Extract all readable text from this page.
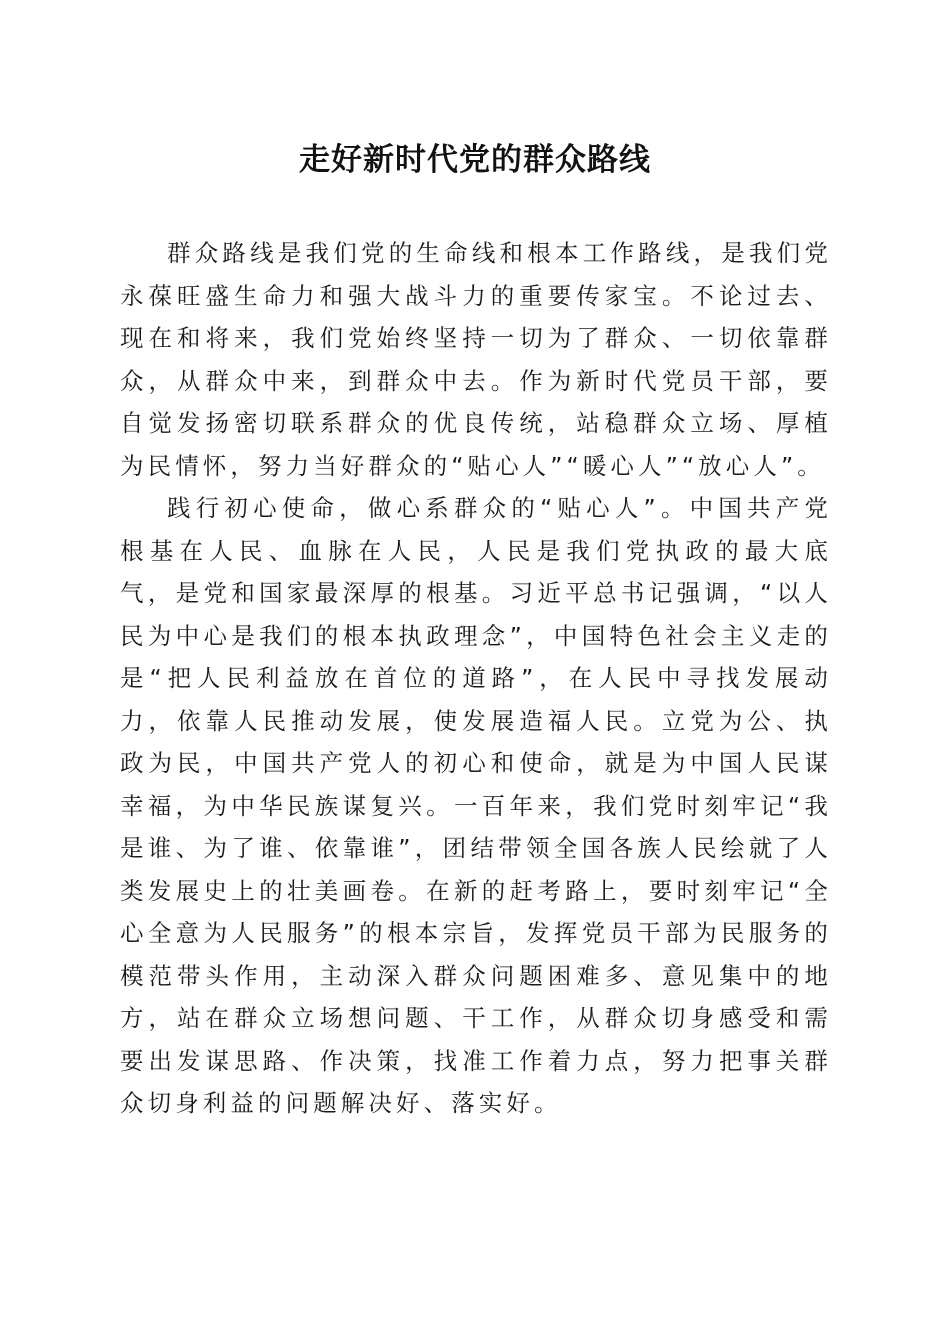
走好新时代党的群众路线

群众路线是我们党的生命线和根本工作路线，是我们党永葆旺盛生命力和强大战斗力的重要传家宝。不论过去、现在和将来，我们党始终坚持一切为了群众、一切依靠群众，从群众中来，到群众中去。作为新时代党员干部，要自觉发扬密切联系群众的优良传统，站稳群众立场、厚植为民情怀，努力当好群众的“贴心人”“暖心人”“放心人”。

践行初心使命，做心系群众的“贴心人”。中国共产党根基在人民、血脉在人民，人民是我们党执政的最大底气，是党和国家最深厚的根基。习近平总书记强调，“以人民为中心是我们的根本执政理念”，中国特色社会主义走的是“把人民利益放在首位的道路”，在人民中寻找发展动力，依靠人民推动发展，使发展造福人民。立党为公、执政为民，中国共产党人的初心和使命，就是为中国人民谋幸福，为中华民族谋复兴。一百年来，我们党时刻牢记“我是谁、为了谁、依靠谁”，团结带领全国各族人民绘就了人类发展史上的壮美画卷。在新的赶考路上，要时刻牢记“全心全意为人民服务”的根本宗旨，发挥党员干部为民服务的模范带头作用，主动深入群众问题困难多、意见集中的地方，站在群众立场想问题、干工作，从群众切身感受和需要出发谋思路、作决策，找准工作着力点，努力把事关群众切身利益的问题解决好、落实好。
